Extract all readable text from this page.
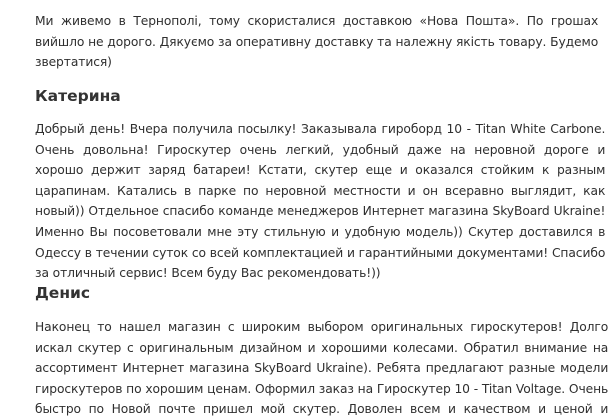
Ми живемо в Тернополі, тому скористалися доставкою «Нова Пошта». По грошах
вийшло не дорого. Дякуємо за оперативну доставку та належну якість товару. Будемо
звертатися)

Катерина

Добрый день! Вчера получила посылку! Заказывала гироборд 10 - Titan White Carbone.
Очень довольна! Гироскутер очень легкий, удобный даже на неровной дороге и
хорошо держит заряд батареи! Кстати, скутер еще и оказался стойким к разным
царапинам. Катались в парке по неровной местности и он всеравно выглядит, как
новый)) Отдельное спасибо команде менеджеров Интернет магазина SkyBoard Ukraine!
Именно Вы посоветовали мне эту стильную и удобную модель)) Скутер доставился в
Одессу в течении суток со всей комплектацией и гарантийными документами! Спасибо
за отличный сервис! Всем буду Вас рекомендовать!))

Денис

Наконец то нашел магазин с широким выбором оригинальных гироскутеров! Долго
искал скутер с оригинальным дизайном и хорошими колесами. Обратил внимание на
ассортимент Интернет магазина SkyBoard Ukraine). Ребята предлагают разные модели
гироскутеров по хорошим ценам. Оформил заказ на Гироскутер 10 - Titan Voltage. Очень
быстро по Новой почте пришел мой скутер. Доволен всем и качеством и ценой и
